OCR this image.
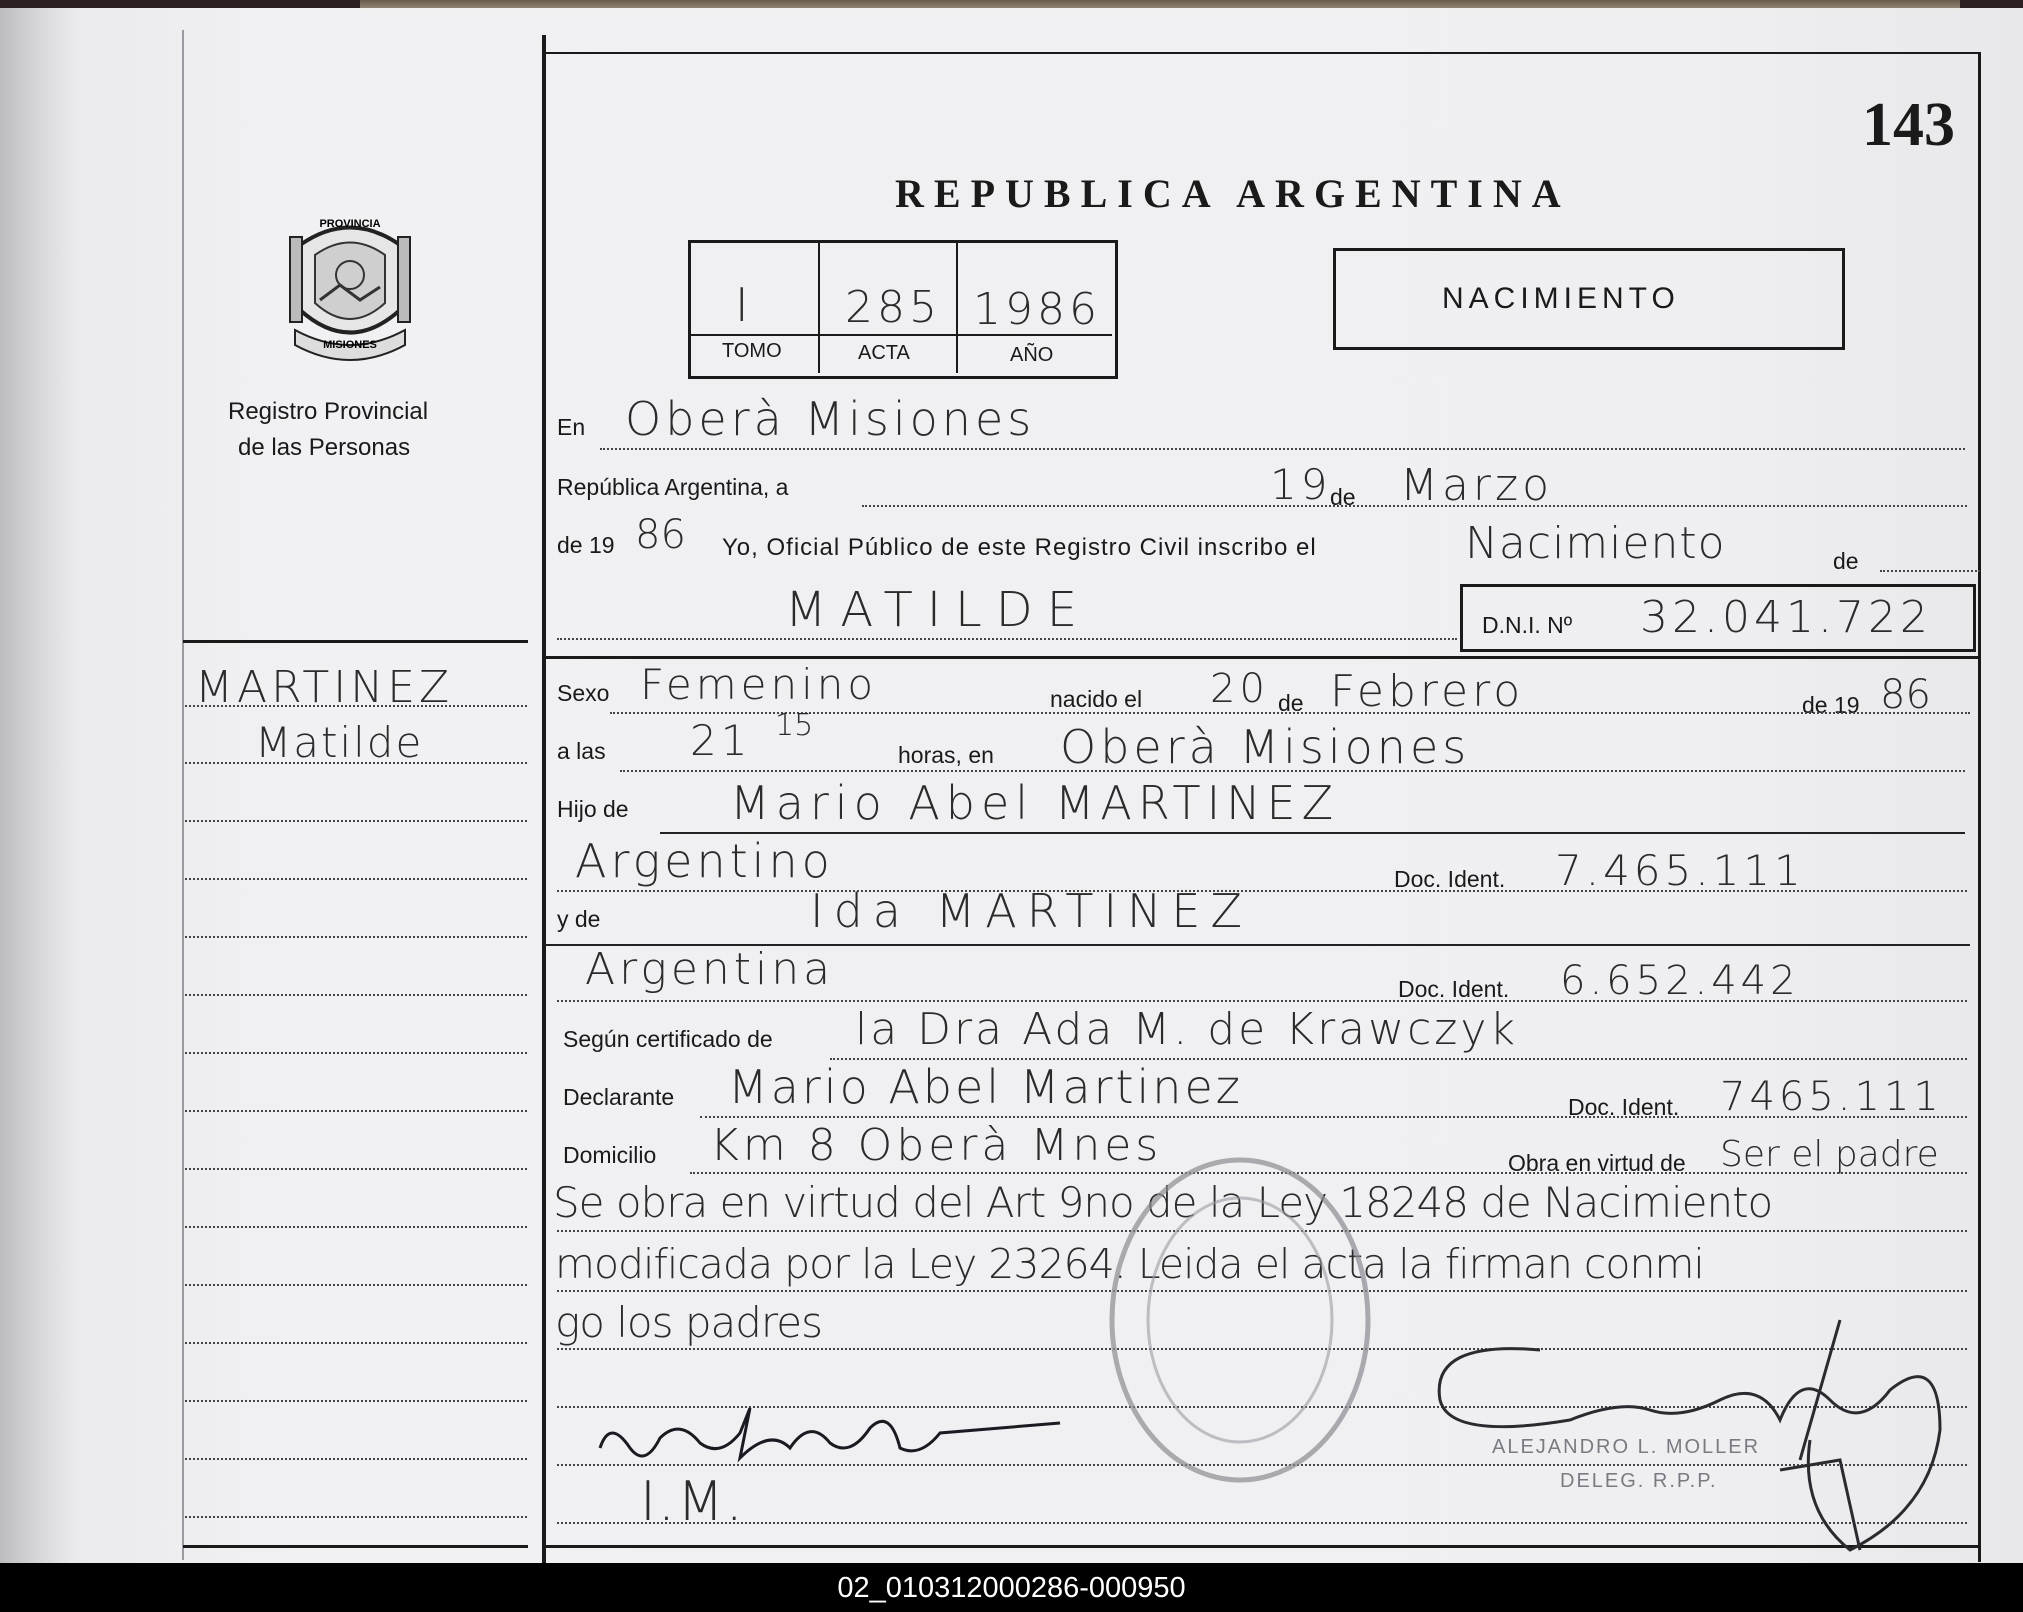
143
REPUBLICA ARGENTINA
PROVINCIA
MISIONES
Registro Provincial
de las Personas
I 285 1986
TOMO	ACTA	AÑO
NACIMIENTO
MARTINEZ
Matilde
En Oberà Misiones
República Argentina, a	19
de Marzo
de 19 86 Yo, Oficial Público de este Registro Civil inscribo el	Nacimiento	de
MATILDE	D.N.I. Nº 32.041.722
Sexo Femenino	nacido el 20 de Febrero	de 19 86
a las 21 15
horas, en Oberà Misiones
Hijo de Mario Abel MARTINEZ
Argentino	Doc. Ident. 7.465.111
y de	Ida MARTINEZ
Argentina	Doc. Ident. 6.652.442
Según certificado de la Dra Ada M. de Krawczyk
Declarante Mario Abel Martinez	Doc. Ident. 7465.111
Domicilio Km 8 Oberà Mnes	Obra en virtud de Ser el padre
Se obra en virtud del Art 9no de la Ley 18248 de Nacimiento
modificada por la Ley 23264. Leida el acta la firman conmi
go los padres
ALEJANDRO L. MOLLER
DELEG. R.P.P.
I.M.
02_010312000286-000950
